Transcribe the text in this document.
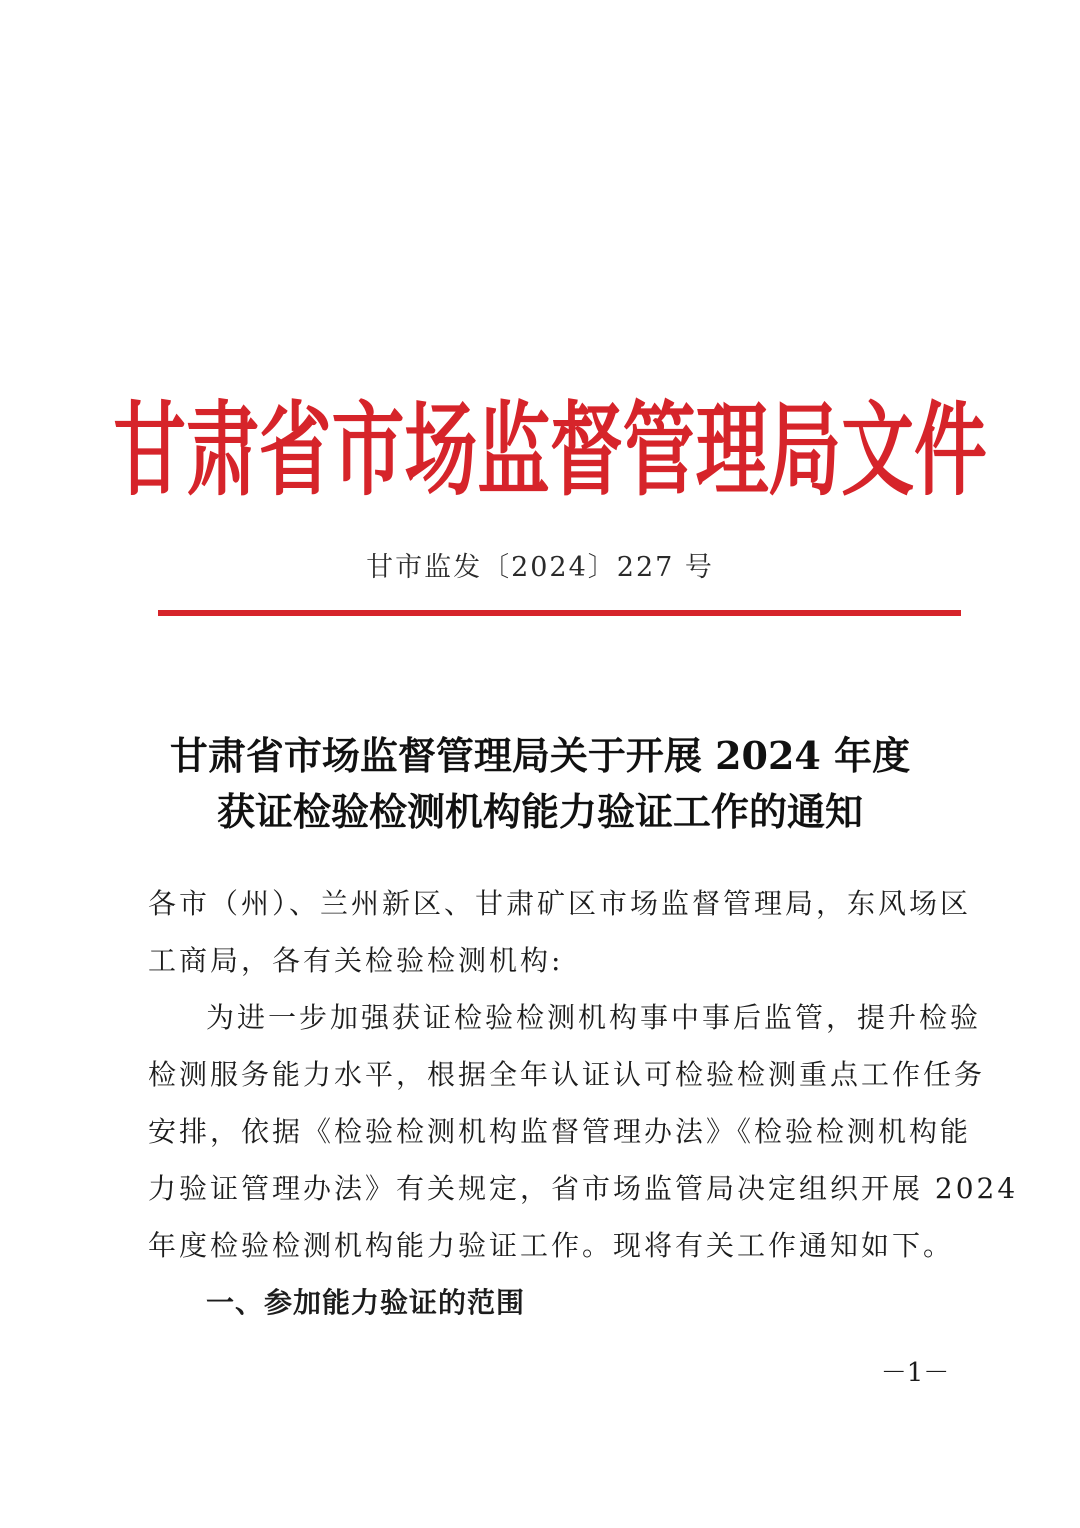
甘肃省市场监督管理局文件
甘市监发〔2024〕227 号
甘肃省市场监督管理局关于开展 2024 年度
获证检验检测机构能力验证工作的通知
各市（州）、兰州新区、甘肃矿区市场监督管理局，东风场区
工商局，各有关检验检测机构:
为进一步加强获证检验检测机构事中事后监管，提升检验
检测服务能力水平，根据全年认证认可检验检测重点工作任务
安排，依据《检验检测机构监督管理办法》《检验检测机构能
力验证管理办法》有关规定，省市场监管局决定组织开展 2024
年度检验检测机构能力验证工作。现将有关工作通知如下。
一、参加能力验证的范围
－1－
